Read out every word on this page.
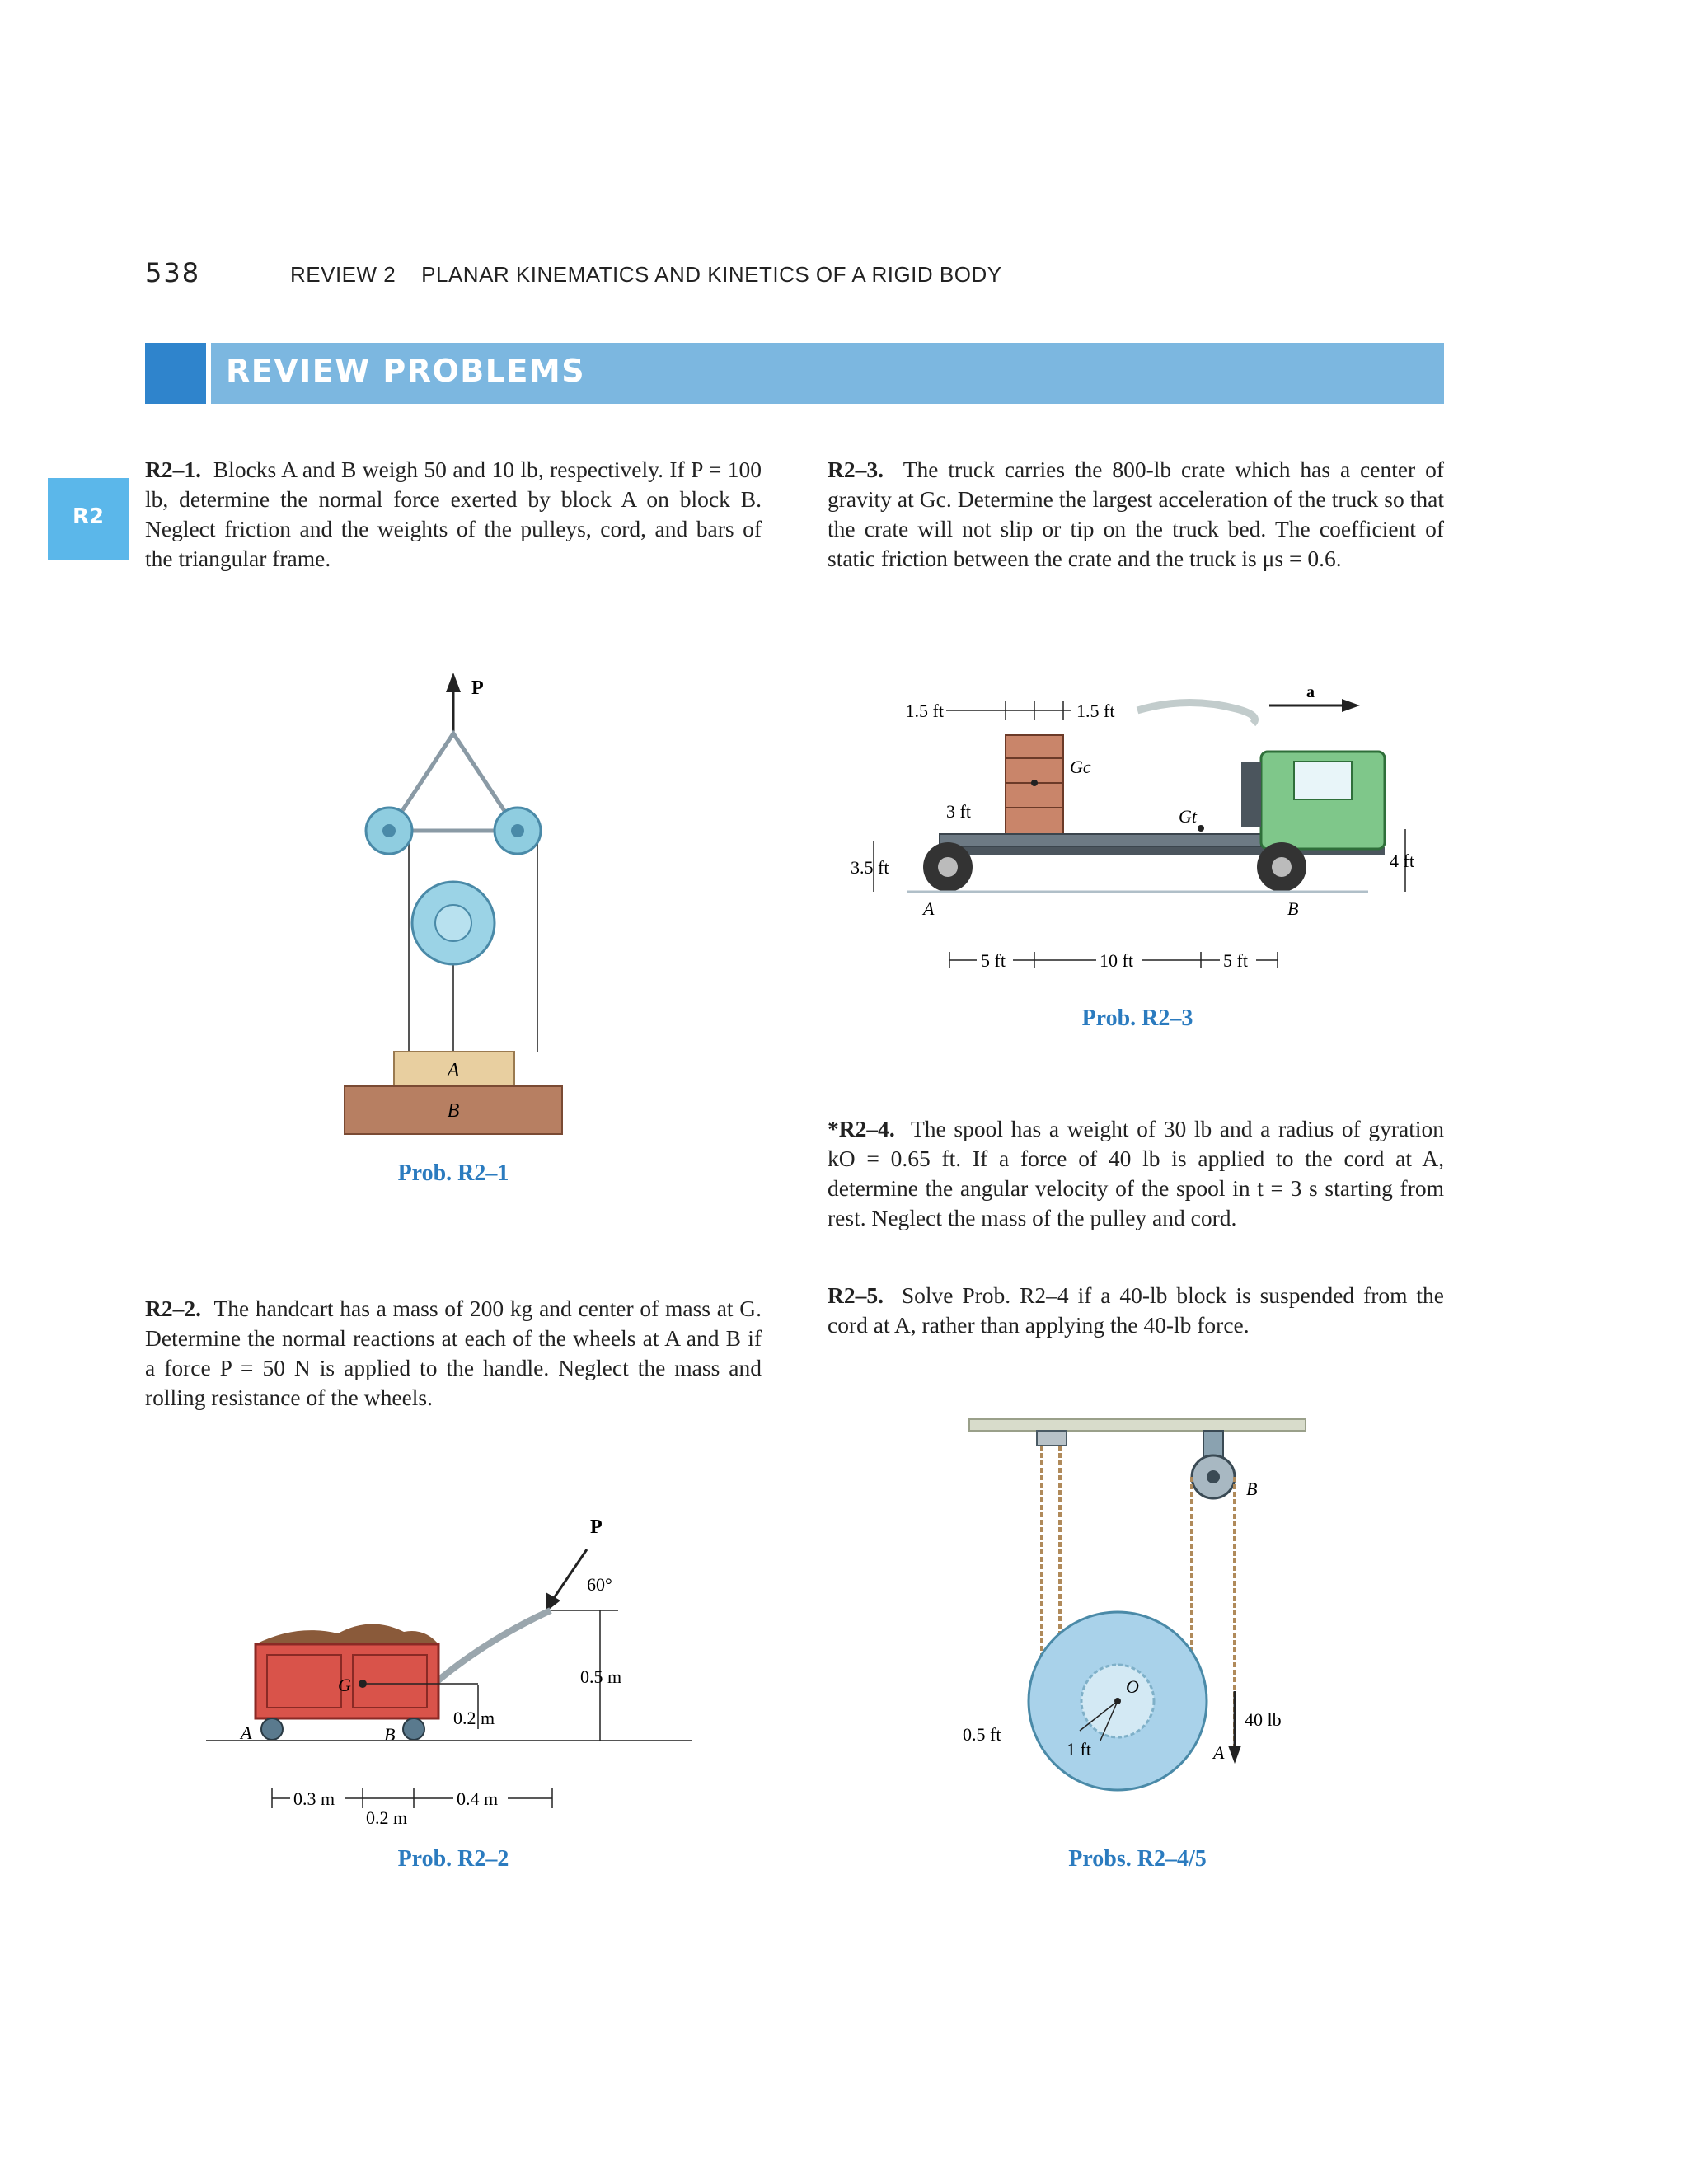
538	REVIEW 2    PLANAR KINEMATICS AND KINETICS OF A RIGID BODY
REVIEW PROBLEMS
R2

R2–1. Blocks A and B weigh 50 and 10 lb, respectively. If P = 100 lb, determine the normal force exerted by block A on block B. Neglect friction and the weights of the pulleys, cord, and bars of the triangular frame.

R2–3. The truck carries the 800-lb crate which has a center of gravity at Gc. Determine the largest acceleration of the truck so that the crate will not slip or tip on the truck bed. The coefficient of static friction between the crate and the truck is μs = 0.6.

P
A
B
Prob. R2–1
a
1.5 ft	1.5 ft
Gc
3 ft	Gt
A	B
3.5 ft	4 ft
5 ft	10 ft	5 ft
Prob. R2–3

*R2–4. The spool has a weight of 30 lb and a radius of gyration kO = 0.65 ft. If a force of 40 lb is applied to the cord at A, determine the angular velocity of the spool in t = 3 s starting from rest. Neglect the mass of the pulley and cord.

R2–5. Solve Prob. R2–4 if a 40-lb block is suspended from the cord at A, rather than applying the 40-lb force.

R2–2. The handcart has a mass of 200 kg and center of mass at G. Determine the normal reactions at each of the wheels at A and B if a force P = 50 N is applied to the handle. Neglect the mass and rolling resistance of the wheels.

P
60°
G
A	B
0.2 m
0.5 m
0.3 m
0.2 m
0.4 m
Prob. R2–2
B
O
0.5 ft
1 ft
40 lb
A
Probs. R2–4/5
